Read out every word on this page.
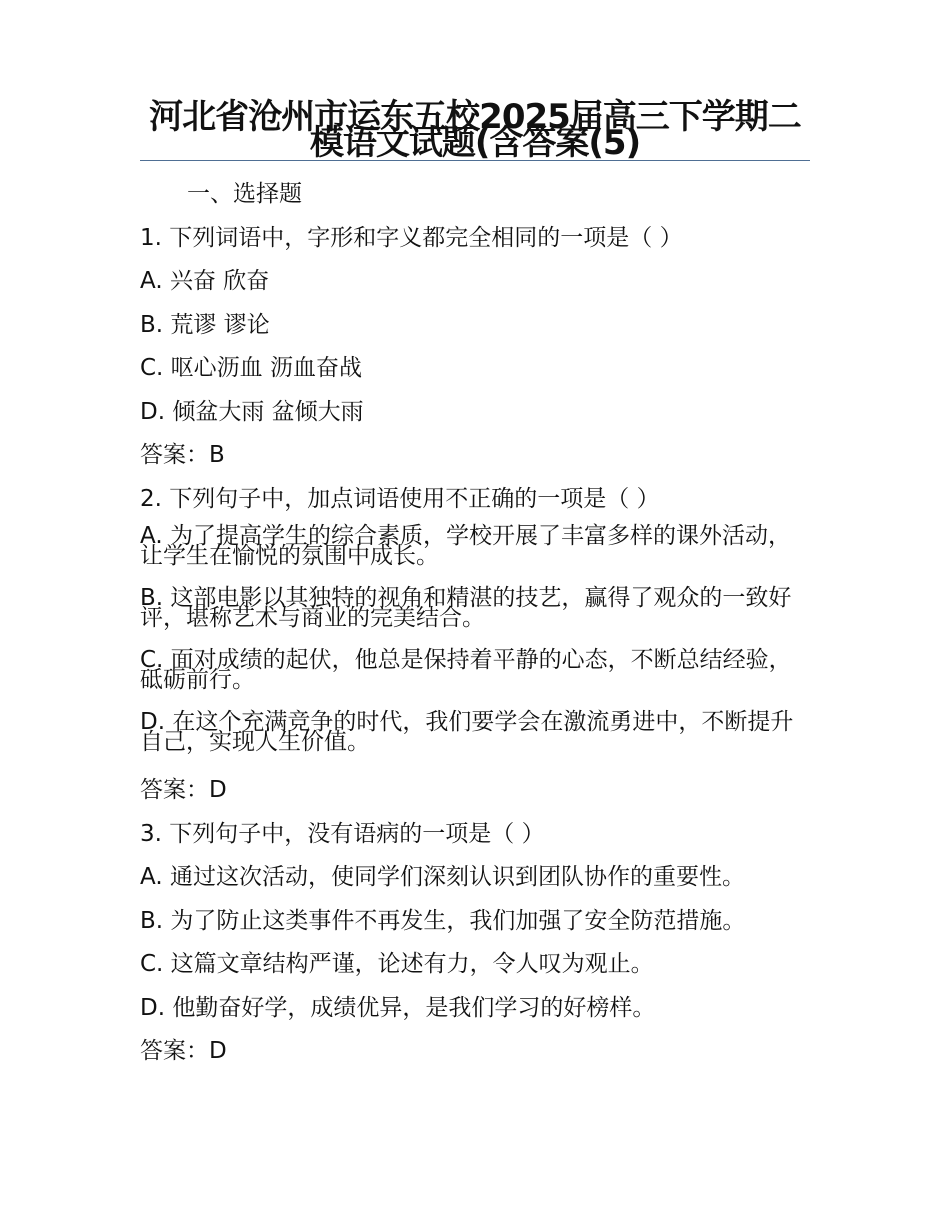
河北省沧州市运东五校2025届高三下学期二模语文试题(含答案(5)
一、选择题
1. 下列词语中，字形和字义都完全相同的一项是（ ）
A. 兴奋 欣奋
B. 荒谬 谬论
C. 呕心沥血 沥血奋战
D. 倾盆大雨 盆倾大雨
答案：B
2. 下列句子中，加点词语使用不正确的一项是（ ）
A. 为了提高学生的综合素质，学校开展了丰富多样的课外活动，让学生在愉悦的氛围中成长。
B. 这部电影以其独特的视角和精湛的技艺，赢得了观众的一致好评，堪称艺术与商业的完美结合。
C. 面对成绩的起伏，他总是保持着平静的心态，不断总结经验，砥砺前行。
D. 在这个充满竞争的时代，我们要学会在激流勇进中，不断提升自己，实现人生价值。
答案：D
3. 下列句子中，没有语病的一项是（ ）
A. 通过这次活动，使同学们深刻认识到团队协作的重要性。
B. 为了防止这类事件不再发生，我们加强了安全防范措施。
C. 这篇文章结构严谨，论述有力，令人叹为观止。
D. 他勤奋好学，成绩优异，是我们学习的好榜样。
答案：D
